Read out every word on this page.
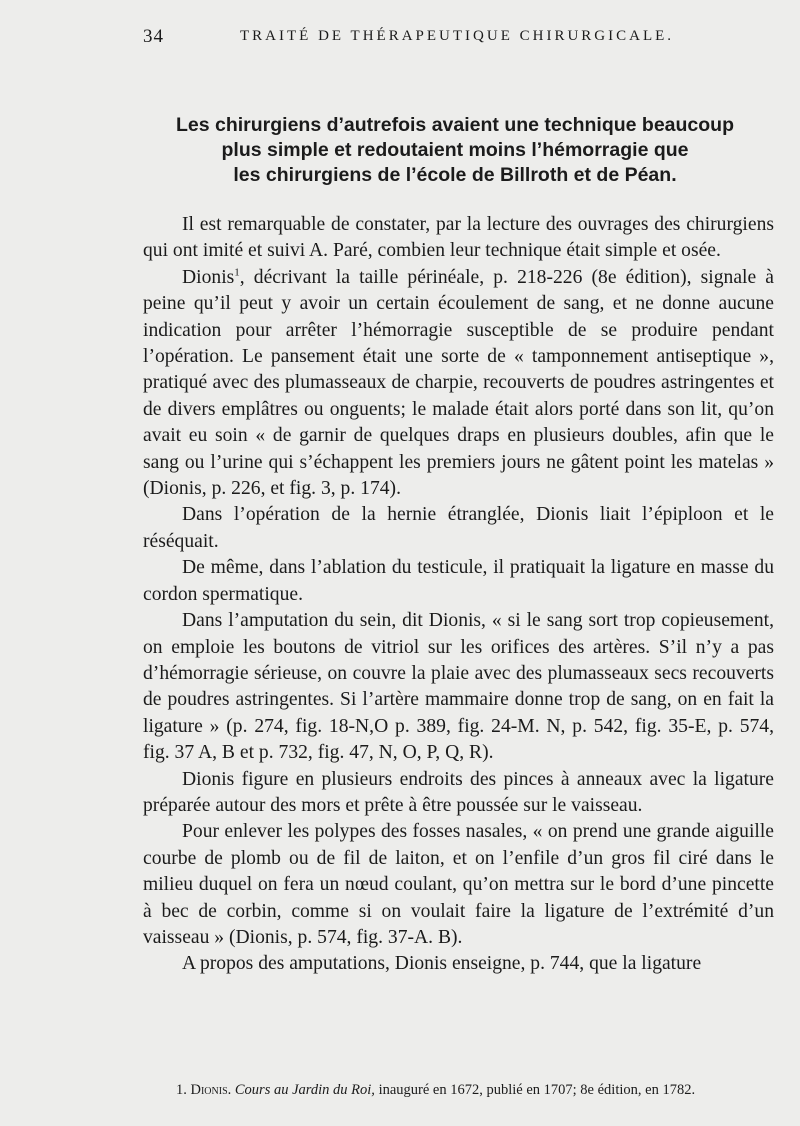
34	TRAITÉ DE THÉRAPEUTIQUE CHIRURGICALE.
Les chirurgiens d’autrefois avaient une technique beaucoup
plus simple et redoutaient moins l’hémorragie que
les chirurgiens de l’école de Billroth et de Péan.

Il est remarquable de constater, par la lecture des ouvrages des chirurgiens qui ont imité et suivi A. Paré, combien leur technique était simple et osée.

Dionis$^1$, décrivant la taille périnéale, p. 218-226 (8e édition), signale à peine qu’il peut y avoir un certain écoulement de sang, et ne donne aucune indication pour arrêter l’hémorragie susceptible de se produire pendant l’opération. Le pansement était une sorte de « tamponnement antiseptique », pratiqué avec des plumasseaux de charpie, recouverts de poudres astringentes et de divers emplâtres ou onguents; le malade était alors porté dans son lit, qu’on avait eu soin « de garnir de quelques draps en plusieurs doubles, afin que le sang ou l’urine qui s’échappent les premiers jours ne gâtent point les matelas » (Dionis, p. 226, et fig. 3, p. 174).

Dans l’opération de la hernie étranglée, Dionis liait l’épiploon et le réséquait.

De même, dans l’ablation du testicule, il pratiquait la ligature en masse du cordon spermatique.

Dans l’amputation du sein, dit Dionis, « si le sang sort trop copieusement, on emploie les boutons de vitriol sur les orifices des artères. S’il n’y a pas d’hémorragie sérieuse, on couvre la plaie avec des plumasseaux secs recouverts de poudres astringentes. Si l’artère mammaire donne trop de sang, on en fait la ligature » (p. 274, fig. 18-N,O p. 389, fig. 24-M. N, p. 542, fig. 35-E, p. 574, fig. 37 A, B et p. 732, fig. 47, N, O, P, Q, R).

Dionis figure en plusieurs endroits des pinces à anneaux avec la ligature préparée autour des mors et prête à être poussée sur le vaisseau.

Pour enlever les polypes des fosses nasales, « on prend une grande aiguille courbe de plomb ou de fil de laiton, et on l’enfile d’un gros fil ciré dans le milieu duquel on fera un nœud coulant, qu’on mettra sur le bord d’une pincette à bec de corbin, comme si on voulait faire la ligature de l’extrémité d’un vaisseau » (Dionis, p. 574, fig. 37-A. B).

A propos des amputations, Dionis enseigne, p. 744, que la ligature

1. Dionis. Cours au Jardin du Roi, inauguré en 1672, publié en 1707; 8e édition, en 1782.
